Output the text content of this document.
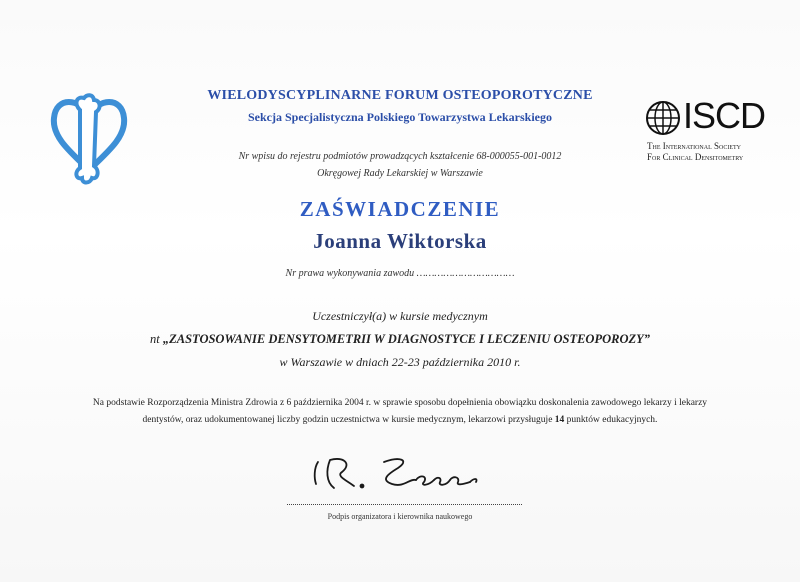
ISCD
The International Society
For Clinical Densitometry
WIELODYSCYPLINARNE FORUM OSTEOPOROTYCZNE
Sekcja Specjalistyczna Polskiego Towarzystwa Lekarskiego
Nr wpisu do rejestru podmiotów prowadzących kształcenie 68-000055-001-0012
Okręgowej Rady Lekarskiej w Warszawie
ZAŚWIADCZENIE
Joanna Wiktorska
Nr prawa wykonywania zawodu ……………………………
Uczestniczył(a) w kursie medycznym
nt „ZASTOSOWANIE DENSYTOMETRII W DIAGNOSTYCE I LECZENIU OSTEOPOROZY”
w Warszawie w dniach 22-23 października 2010 r.
Na podstawie Rozporządzenia Ministra Zdrowia z 6 października 2004 r. w sprawie sposobu dopełnienia obowiązku doskonalenia zawodowego lekarzy i lekarzy
dentystów, oraz udokumentowanej liczby godzin uczestnictwa w kursie medycznym, lekarzowi przysługuje 14 punktów edukacyjnych.
Podpis organizatora i kierownika naukowego
